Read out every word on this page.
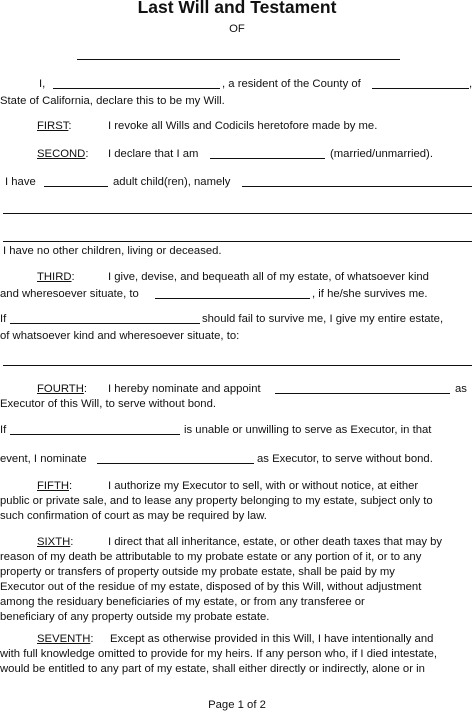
Last Will and Testament
OF
I,	, a resident of the County of	,
State of California, declare this to be my Will.
FIRST:	I revoke all Wills and Codicils heretofore made by me.
SECOND: I declare that I am	(married/unmarried).
I have	adult child(ren), namely
I have no other children, living or deceased.
THIRD:	I give, devise, and bequeath all of my estate, of whatsoever kind
and wheresoever situate, to	, if he/she survives me.
If	should fail to survive me, I give my entire estate,
of whatsoever kind and wheresoever situate, to:
FOURTH: I hereby nominate and appoint	as
Executor of this Will, to serve without bond.
If	is unable or unwilling to serve as Executor, in that
event, I nominate	as Executor, to serve without bond.
FIFTH:	I authorize my Executor to sell, with or without notice, at either
public or private sale, and to lease any property belonging to my estate, subject only to
such confirmation of court as may be required by law.
SIXTH:	I direct that all inheritance, estate, or other death taxes that may by
reason of my death be attributable to my probate estate or any portion of it, or to any
property or transfers of property outside my probate estate, shall be paid by my
Executor out of the residue of my estate, disposed of by this Will, without adjustment
among the residuary beneficiaries of my estate, or from any transferee or
beneficiary of any property outside my probate estate.
SEVENTH: Except as otherwise provided in this Will, I have intentionally and
with full knowledge omitted to provide for my heirs. If any person who, if I died intestate,
would be entitled to any part of my estate, shall either directly or indirectly, alone or in
Page 1 of 2
